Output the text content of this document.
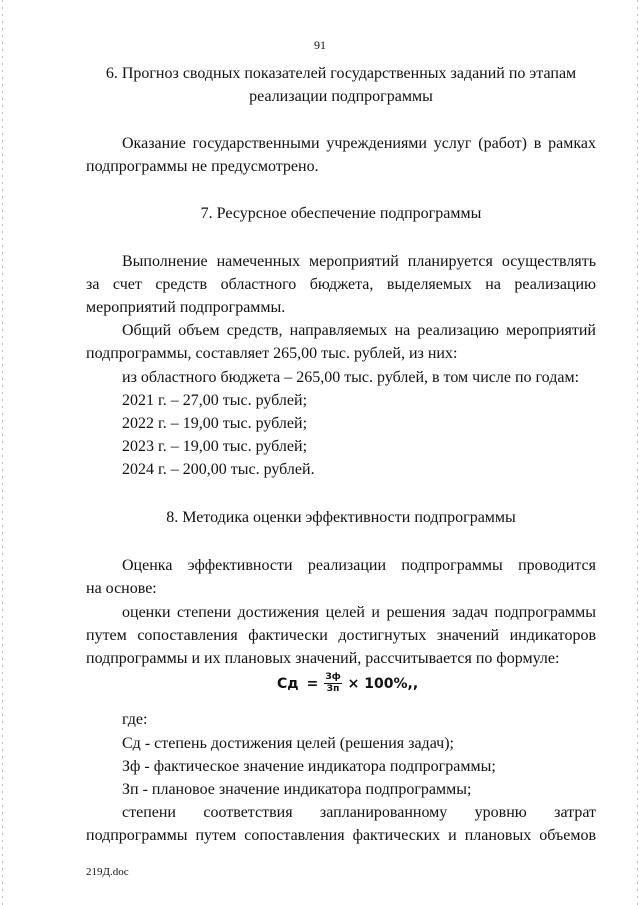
91
6. Прогноз сводных показателей государственных заданий по этапам
реализации подпрограммы
Оказание государственными учреждениями услуг (работ) в рамках
подпрограммы не предусмотрено.
7. Ресурсное обеспечение подпрограммы
Выполнение намеченных мероприятий планируется осуществлять
за счет средств областного бюджета, выделяемых на реализацию
мероприятий подпрограммы.
Общий объем средств, направляемых на реализацию мероприятий
подпрограммы, составляет 265,00 тыс. рублей, из них:
из областного бюджета – 265,00 тыс. рублей, в том числе по годам:
2021 г. – 27,00 тыс. рублей;
2022 г. – 19,00 тыс. рублей;
2023 г. – 19,00 тыс. рублей;
2024 г. – 200,00 тыс. рублей.
8. Методика оценки эффективности подпрограммы
Оценка эффективности реализации подпрограммы проводится
на основе:
оценки степени достижения целей и решения задач подпрограммы
путем сопоставления фактически достигнутых значений индикаторов
подпрограммы и их плановых значений, рассчитывается по формуле:
Сд = $\frac{Зф}{Зп} \times 100\%$,,
где:
Сд - степень достижения целей (решения задач);
Зф - фактическое значение индикатора подпрограммы;
Зп - плановое значение индикатора подпрограммы;
степени соответствия запланированному уровню затрат
подпрограммы путем сопоставления фактических и плановых объемов
219Д.doc
